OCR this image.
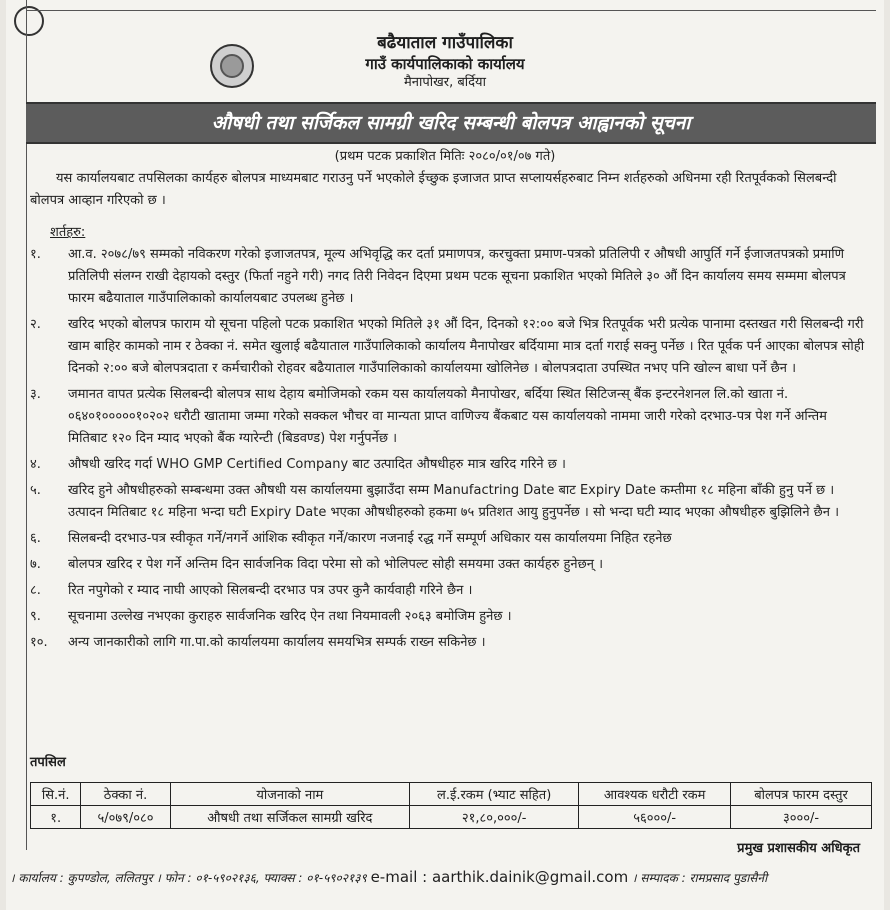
बढैयाताल गाउँपालिका
गाउँ कार्यपालिकाको कार्यालय
मैनापोखर, बर्दिया
औषधी तथा सर्जिकल सामग्री खरिद सम्बन्धी बोलपत्र आह्वानको सूचना
(प्रथम पटक प्रकाशित मितिः २०८०/०१/०७ गते)
यस कार्यालयबाट तपसिलका कार्यहरु बोलपत्र माध्यमबाट गराउनु पर्ने भएकोले ईच्छुक इजाजत प्राप्त सप्लायर्सहरुबाट निम्न शर्तहरुको अधिनमा रही रितपूर्वकको सिलबन्दी बोलपत्र आव्हान गरिएको छ ।
शर्तहरु:
१.	आ.व. २०७८/७९ सम्मको नविकरण गरेको इजाजतपत्र, मूल्य अभिवृद्धि कर दर्ता प्रमाणपत्र, करचुक्ता प्रमाण-पत्रको प्रतिलिपी र औषधी आपुर्ति गर्ने ईजाजतपत्रको प्रमाणि प्रतिलिपी संलग्न राखी देहायको दस्तुर (फिर्ता नहुने गरी) नगद तिरी निवेदन दिएमा प्रथम पटक सूचना प्रकाशित भएको मितिले ३० औं दिन कार्यालय समय सम्ममा बोलपत्र फारम बढैयाताल गाउँपालिकाको कार्यालयबाट उपलब्ध हुनेछ ।
२.	खरिद भएको बोलपत्र फाराम यो सूचना पहिलो पटक प्रकाशित भएको मितिले ३१ औं दिन, दिनको १२:०० बजे भित्र रितपूर्वक भरी प्रत्येक पानामा दस्तखत गरी सिलबन्दी गरी खाम बाहिर कामको नाम र ठेक्का नं. समेत खुलाई बढैयाताल गाउँपालिकाको कार्यालय मैनापोखर बर्दियामा मात्र दर्ता गराई सक्नु पर्नेछ । रित पूर्वक पर्न आएका बोलपत्र सोही दिनको २:०० बजे बोलपत्रदाता र कर्मचारीको रोहवर बढैयाताल गाउँपालिकाको कार्यालयमा खोलिनेछ । बोलपत्रदाता उपस्थित नभए पनि खोल्न बाधा पर्ने छैन ।
३.	जमानत वापत प्रत्येक सिलबन्दी बोलपत्र साथ देहाय बमोजिमको रकम यस कार्यालयको मैनापोखर, बर्दिया स्थित सिटिजन्स् बैंक इन्टरनेशनल लि.को खाता नं. ०६४०१०००००१०२०२ धरौटी खातामा जम्मा गरेको सक्कल भौचर वा मान्यता प्राप्त वाणिज्य बैंकबाट यस कार्यालयको नाममा जारी गरेको दरभाउ-पत्र पेश गर्ने अन्तिम मितिबाट १२० दिन म्याद भएको बैंक ग्यारेन्टी (बिडवण्ड) पेश गर्नुपर्नेछ ।
४.	औषधी खरिद गर्दा WHO GMP Certified Company बाट उत्पादित औषधीहरु मात्र खरिद गरिने छ ।
५.	खरिद हुने औषधीहरुको सम्बन्धमा उक्त औषधी यस कार्यालयमा बुझाउँदा सम्म Manufactring Date बाट Expiry Date कम्तीमा १८ महिना बाँकी हुनु पर्ने छ । उत्पादन मितिबाट १८ महिना भन्दा घटी Expiry Date भएका औषधीहरुको हकमा ७५ प्रतिशत आयु हुनुपर्नेछ । सो भन्दा घटी म्याद भएका औषधीहरु बुझिलिने छैन ।
६.	सिलबन्दी दरभाउ-पत्र स्वीकृत गर्ने/नगर्ने आंशिक स्वीकृत गर्ने/कारण नजनाई रद्ध गर्ने सम्पूर्ण अधिकार यस कार्यालयमा निहित रहनेछ
७.	बोलपत्र खरिद र पेश गर्ने अन्तिम दिन सार्वजनिक विदा परेमा सो को भोलिपल्ट सोही समयमा उक्त कार्यहरु हुनेछन् ।
८.	रित नपुगेको र म्याद नाघी आएको सिलबन्दी दरभाउ पत्र उपर कुनै कार्यवाही गरिने छैन ।
९.	सूचनामा उल्लेख नभएका कुराहरु सार्वजनिक खरिद ऐन तथा नियमावली २०६३ बमोजिम हुनेछ ।
१०.	अन्य जानकारीको लागि गा.पा.को कार्यालयमा कार्यालय समयभित्र सम्पर्क राख्न सकिनेछ ।
तपसिल
सि.नं.	ठेक्का नं.	योजनाको नाम	ल.ई.रकम (भ्याट सहित)	आवश्यक धरौटी रकम	बोलपत्र फारम दस्तुर
१.	५/०७९/०८०	औषधी तथा सर्जिकल सामग्री खरिद	२१,८०,०००/-	५६०००/-	३०००/-
प्रमुख प्रशासकीय अधिकृत
। कार्यालय : कुपण्डोल, ललितपुर । फोन : ०१-५९०२१३६, फ्याक्स : ०१-५९०२१३९ e-mail : aarthik.dainik@gmail.com । सम्पादक : रामप्रसाद पुडासैनी
